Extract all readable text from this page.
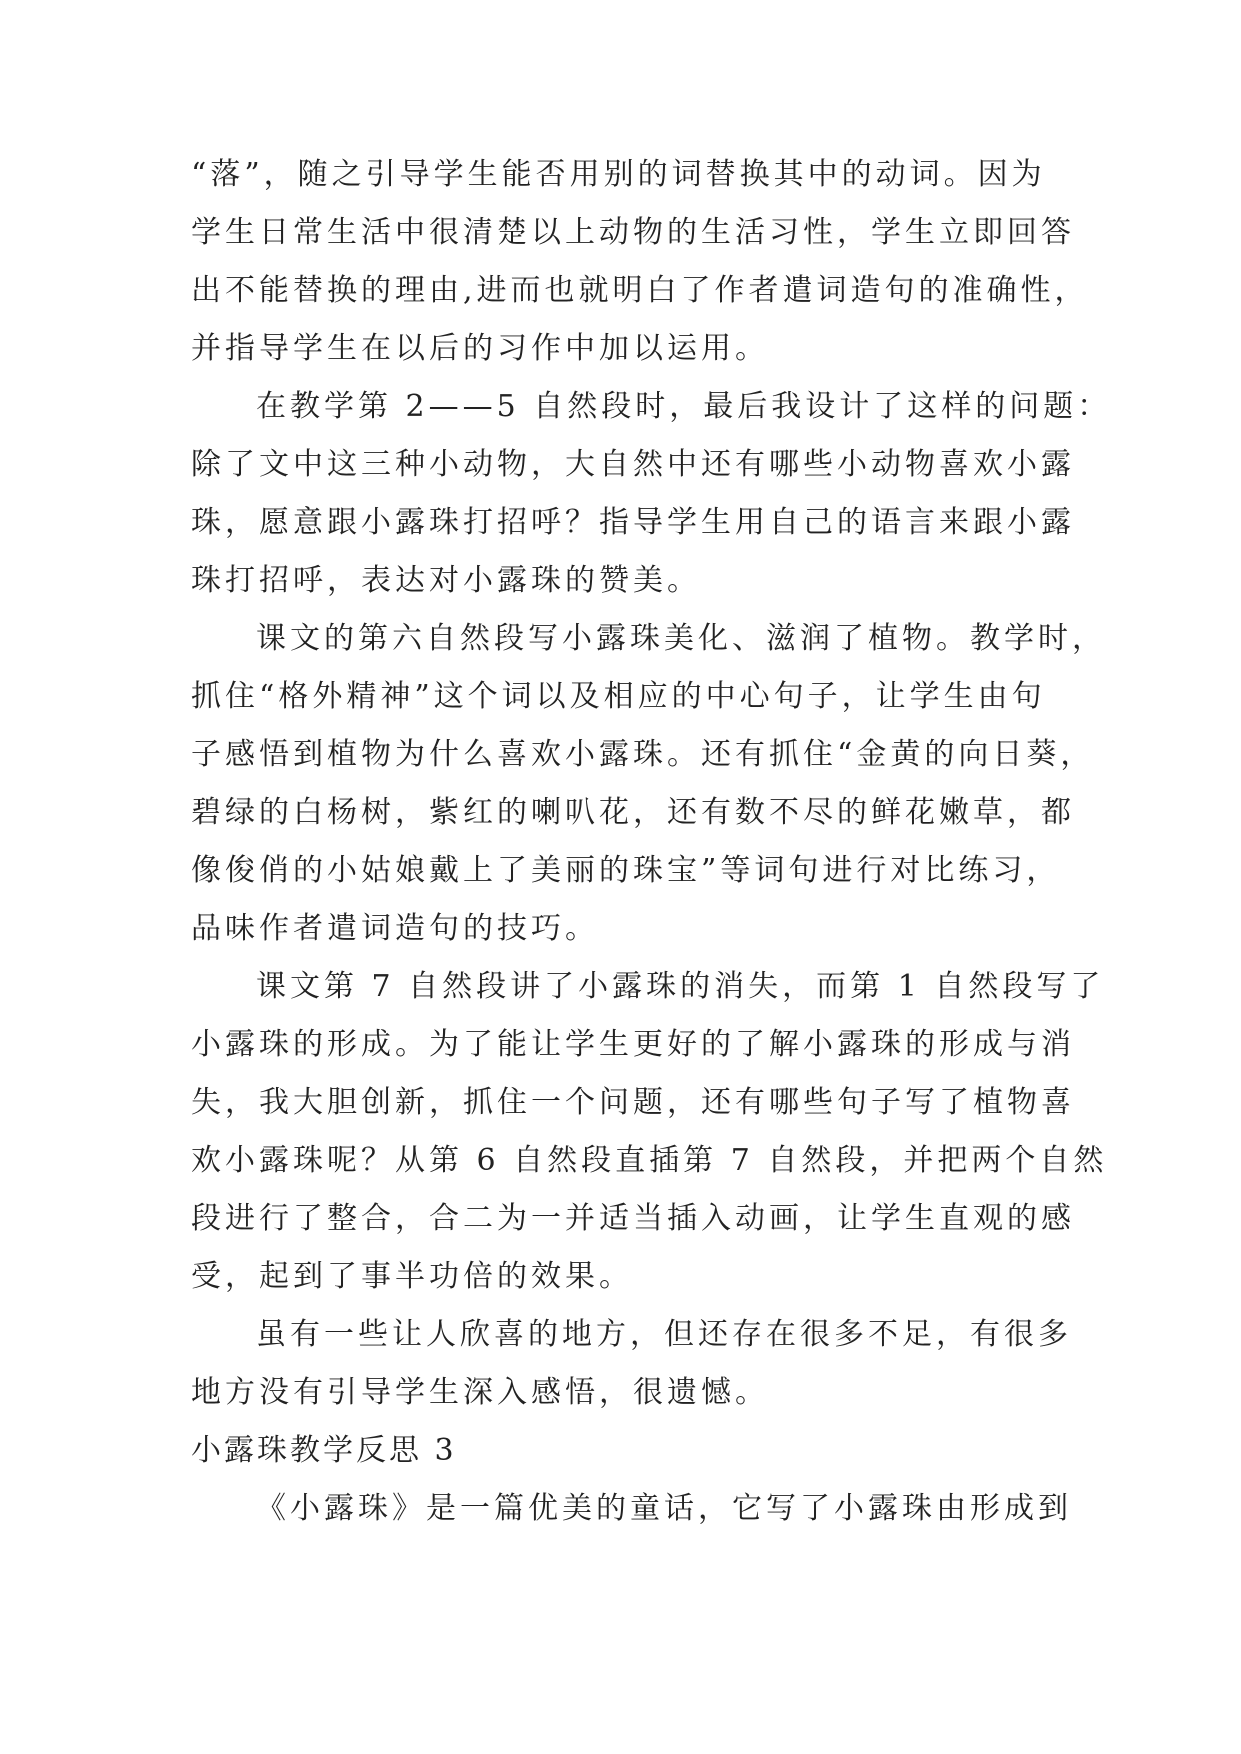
“落”，随之引导学生能否用别的词替换其中的动词。因为
学生日常生活中很清楚以上动物的生活习性，学生立即回答
出不能替换的理由,进而也就明白了作者遣词造句的准确性，
并指导学生在以后的习作中加以运用。
在教学第 2——5 自然段时，最后我设计了这样的问题：
除了文中这三种小动物，大自然中还有哪些小动物喜欢小露
珠，愿意跟小露珠打招呼？指导学生用自己的语言来跟小露
珠打招呼，表达对小露珠的赞美。
课文的第六自然段写小露珠美化、滋润了植物。教学时，
抓住“格外精神”这个词以及相应的中心句子，让学生由句
子感悟到植物为什么喜欢小露珠。还有抓住“金黄的向日葵，
碧绿的白杨树，紫红的喇叭花，还有数不尽的鲜花嫩草，都
像俊俏的小姑娘戴上了美丽的珠宝”等词句进行对比练习，
品味作者遣词造句的技巧。
课文第 7 自然段讲了小露珠的消失，而第 1 自然段写了
小露珠的形成。为了能让学生更好的了解小露珠的形成与消
失，我大胆创新，抓住一个问题，还有哪些句子写了植物喜
欢小露珠呢？从第 6 自然段直插第 7 自然段，并把两个自然
段进行了整合，合二为一并适当插入动画，让学生直观的感
受，起到了事半功倍的效果。
虽有一些让人欣喜的地方，但还存在很多不足，有很多
地方没有引导学生深入感悟，很遗憾。
小露珠教学反思 3
《小露珠》是一篇优美的童话，它写了小露珠由形成到
